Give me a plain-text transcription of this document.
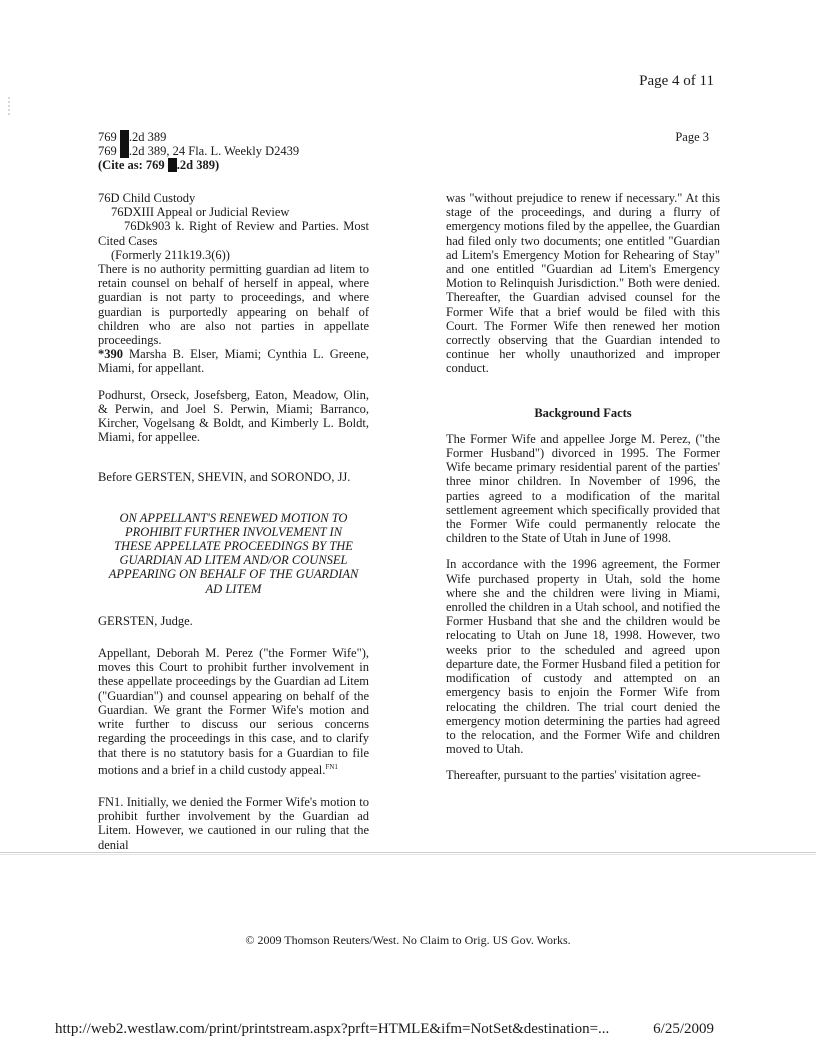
Page 4 of 11
769 .2d 389
769 .2d 389, 24 Fla. L. Weekly D2439
(Cite as: 769 .2d 389)
Page 3

76D Child Custody

76DXIII Appeal or Judicial Review

76Dk903 k. Right of Review and Parties. Most Cited Cases

(Formerly 211k19.3(6))

There is no authority permitting guardian ad litem to retain counsel on behalf of herself in appeal, where guardian is not party to proceedings, and where guardian is purportedly appearing on behalf of children who are also not parties in appellate proceedings.

*390 Marsha B. Elser, Miami; Cynthia L. Greene, Miami, for appellant.

Podhurst, Orseck, Josefsberg, Eaton, Meadow, Olin, & Perwin, and Joel S. Perwin, Miami; Barranco, Kircher, Vogelsang & Boldt, and Kimberly L. Boldt, Miami, for appellee.

Before GERSTEN, SHEVIN, and SORONDO, JJ.

ON APPELLANT'S RENEWED MOTION TO PROHIBIT FURTHER INVOLVEMENT IN THESE APPELLATE PROCEEDINGS BY THE GUARDIAN AD LITEM AND/OR COUNSEL APPEARING ON BEHALF OF THE GUARDIAN AD LITEM

GERSTEN, Judge.

Appellant, Deborah M. Perez ("the Former Wife"), moves this Court to prohibit further involvement in these appellate proceedings by the Guardian ad Litem ("Guardian") and counsel appearing on behalf of the Guardian. We grant the Former Wife's motion and write further to discuss our serious concerns regarding the proceedings in this case, and to clarify that there is no statutory basis for a Guardian to file motions and a brief in a child custody appeal.$^{FN1}$

FN1. Initially, we denied the Former Wife's motion to prohibit further involvement by the Guardian ad Litem. However, we cautioned in our ruling that the denial

was "without prejudice to renew if necessary." At this stage of the proceedings, and during a flurry of emergency motions filed by the appellee, the Guardian had filed only two documents; one entitled "Guardian ad Litem's Emergency Motion for Rehearing of Stay" and one entitled "Guardian ad Litem's Emergency Motion to Relinquish Jurisdiction." Both were denied. Thereafter, the Guardian advised counsel for the Former Wife that a brief would be filed with this Court. The Former Wife then renewed her motion correctly observing that the Guardian intended to continue her wholly unauthorized and improper conduct.

Background Facts

The Former Wife and appellee Jorge M. Perez, ("the Former Husband") divorced in 1995. The Former Wife became primary residential parent of the parties' three minor children. In November of 1996, the parties agreed to a modification of the marital settlement agreement which specifically provided that the Former Wife could permanently relocate the children to the State of Utah in June of 1998.

In accordance with the 1996 agreement, the Former Wife purchased property in Utah, sold the home where she and the children were living in Miami, enrolled the children in a Utah school, and notified the Former Husband that she and the children would be relocating to Utah on June 18, 1998. However, two weeks prior to the scheduled and agreed upon departure date, the Former Husband filed a petition for modification of custody and attempted on an emergency basis to enjoin the Former Wife from relocating the children. The trial court denied the emergency motion determining the parties had agreed to the relocation, and the Former Wife and children moved to Utah.

Thereafter, pursuant to the parties' visitation agree-

© 2009 Thomson Reuters/West. No Claim to Orig. US Gov. Works.
http://web2.westlaw.com/print/printstream.aspx?prft=HTMLE&ifm=NotSet&destination=...	6/25/2009
